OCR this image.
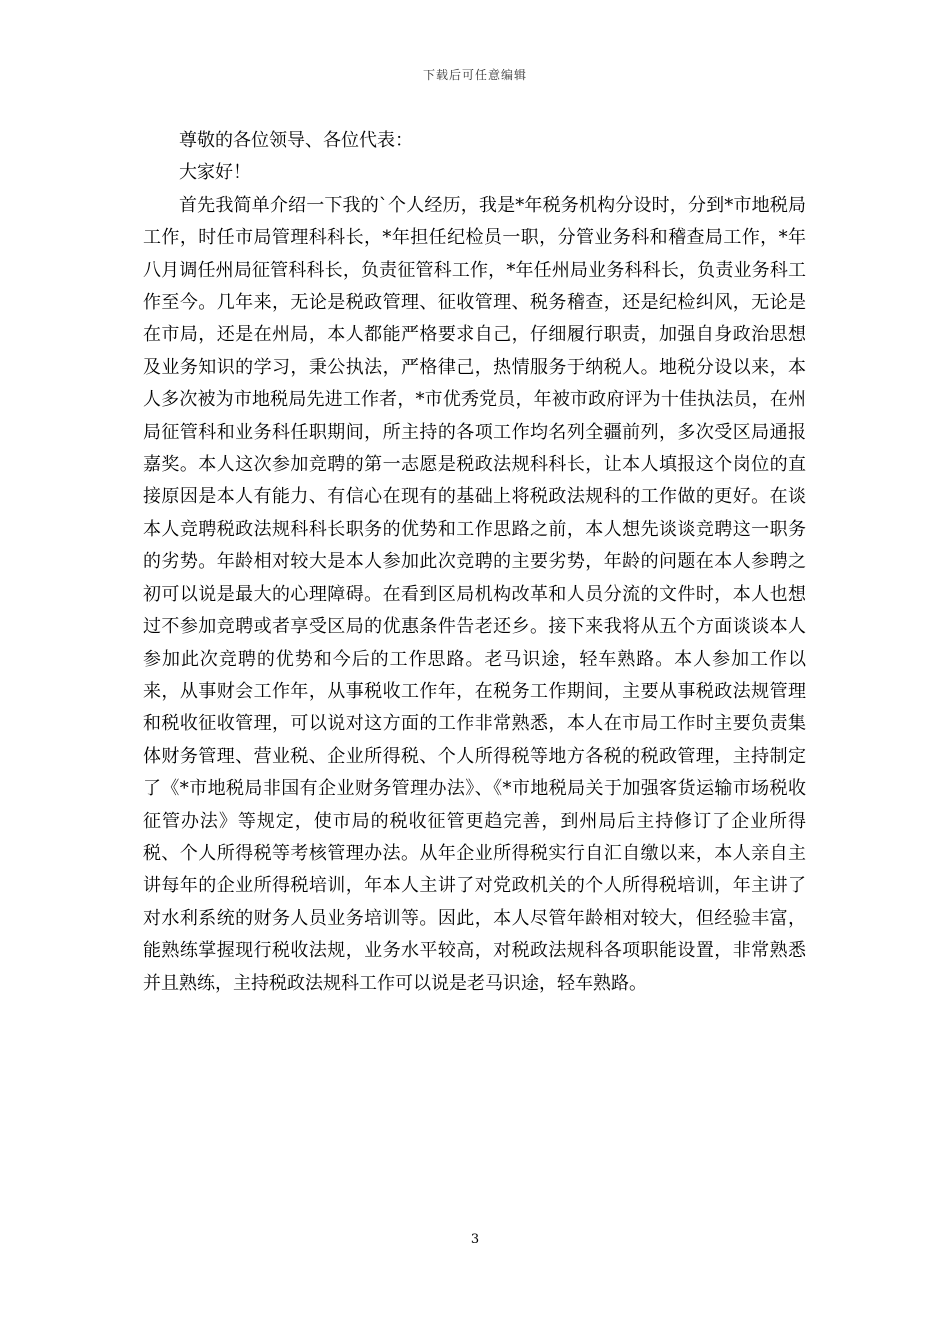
下载后可任意编辑

尊敬的各位领导、各位代表：

大家好！

首先我简单介绍一下我的`个人经历，我是*年税务机构分设时，分到*市地税局工作，时任市局管理科科长，*年担任纪检员一职，分管业务科和稽查局工作，*年八月调任州局征管科科长，负责征管科工作，*年任州局业务科科长，负责业务科工作至今。几年来，无论是税政管理、征收管理、税务稽查，还是纪检纠风，无论是在市局，还是在州局，本人都能严格要求自己，仔细履行职责，加强自身政治思想及业务知识的学习，秉公执法，严格律己，热情服务于纳税人。地税分设以来，本人多次被为市地税局先进工作者，*市优秀党员，年被市政府评为十佳执法员，在州局征管科和业务科任职期间，所主持的各项工作均名列全疆前列，多次受区局通报嘉奖。本人这次参加竞聘的第一志愿是税政法规科科长，让本人填报这个岗位的直接原因是本人有能力、有信心在现有的基础上将税政法规科的工作做的更好。在谈本人竞聘税政法规科科长职务的优势和工作思路之前，本人想先谈谈竞聘这一职务的劣势。年龄相对较大是本人参加此次竞聘的主要劣势，年龄的问题在本人参聘之初可以说是最大的心理障碍。在看到区局机构改革和人员分流的文件时，本人也想过不参加竞聘或者享受区局的优惠条件告老还乡。接下来我将从五个方面谈谈本人参加此次竞聘的优势和今后的工作思路。老马识途，轻车熟路。本人参加工作以来，从事财会工作年，从事税收工作年，在税务工作期间，主要从事税政法规管理和税收征收管理，可以说对这方面的工作非常熟悉，本人在市局工作时主要负责集体财务管理、营业税、企业所得税、个人所得税等地方各税的税政管理，主持制定了《*市地税局非国有企业财务管理办法》、《*市地税局关于加强客货运输市场税收征管办法》等规定，使市局的税收征管更趋完善，到州局后主持修订了企业所得税、个人所得税等考核管理办法。从年企业所得税实行自汇自缴以来，本人亲自主讲每年的企业所得税培训，年本人主讲了对党政机关的个人所得税培训，年主讲了对水利系统的财务人员业务培训等。因此，本人尽管年龄相对较大，但经验丰富，能熟练掌握现行税收法规，业务水平较高，对税政法规科各项职能设置，非常熟悉并且熟练，主持税政法规科工作可以说是老马识途，轻车熟路。

3
